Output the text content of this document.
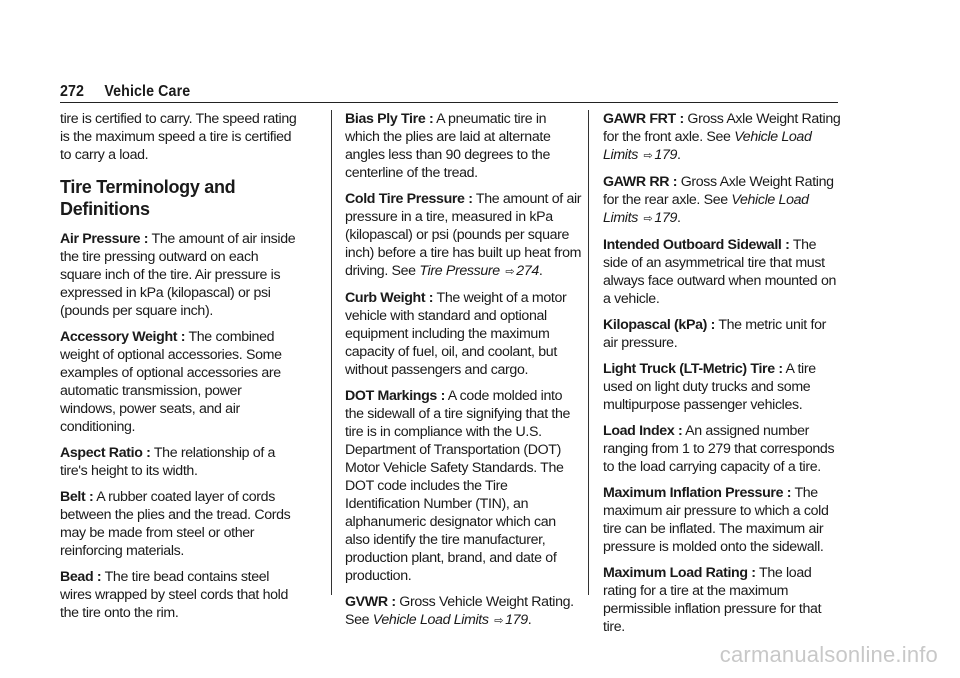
272 Vehicle Care

tire is certified to carry. The speed rating is the maximum speed a tire is certified to carry a load.

Tire Terminology and Definitions

Air Pressure : The amount of air inside the tire pressing outward on each square inch of the tire. Air pressure is expressed in kPa (kilopascal) or psi (pounds per square inch).

Accessory Weight : The combined weight of optional accessories. Some examples of optional accessories are automatic transmission, power windows, power seats, and air conditioning.

Aspect Ratio : The relationship of a tire's height to its width.

Belt : A rubber coated layer of cords between the plies and the tread. Cords may be made from steel or other reinforcing materials.

Bead : The tire bead contains steel wires wrapped by steel cords that hold the tire onto the rim.

Bias Ply Tire : A pneumatic tire in which the plies are laid at alternate angles less than 90 degrees to the centerline of the tread.

Cold Tire Pressure : The amount of air pressure in a tire, measured in kPa (kilopascal) or psi (pounds per square inch) before a tire has built up heat from driving. See Tire Pressure ⇨ 274.

Curb Weight : The weight of a motor vehicle with standard and optional equipment including the maximum capacity of fuel, oil, and coolant, but without passengers and cargo.

DOT Markings : A code molded into the sidewall of a tire signifying that the tire is in compliance with the U.S. Department of Transportation (DOT) Motor Vehicle Safety Standards. The DOT code includes the Tire Identification Number (TIN), an alphanumeric designator which can also identify the tire manufacturer, production plant, brand, and date of production.

GVWR : Gross Vehicle Weight Rating. See Vehicle Load Limits ⇨ 179.

GAWR FRT : Gross Axle Weight Rating for the front axle. See Vehicle Load Limits ⇨ 179.

GAWR RR : Gross Axle Weight Rating for the rear axle. See Vehicle Load Limits ⇨ 179.

Intended Outboard Sidewall : The side of an asymmetrical tire that must always face outward when mounted on a vehicle.

Kilopascal (kPa) : The metric unit for air pressure.

Light Truck (LT-Metric) Tire : A tire used on light duty trucks and some multipurpose passenger vehicles.

Load Index : An assigned number ranging from 1 to 279 that corresponds to the load carrying capacity of a tire.

Maximum Inflation Pressure : The maximum air pressure to which a cold tire can be inflated. The maximum air pressure is molded onto the sidewall.

Maximum Load Rating : The load rating for a tire at the maximum permissible inflation pressure for that tire.

carmanualsonline.info
